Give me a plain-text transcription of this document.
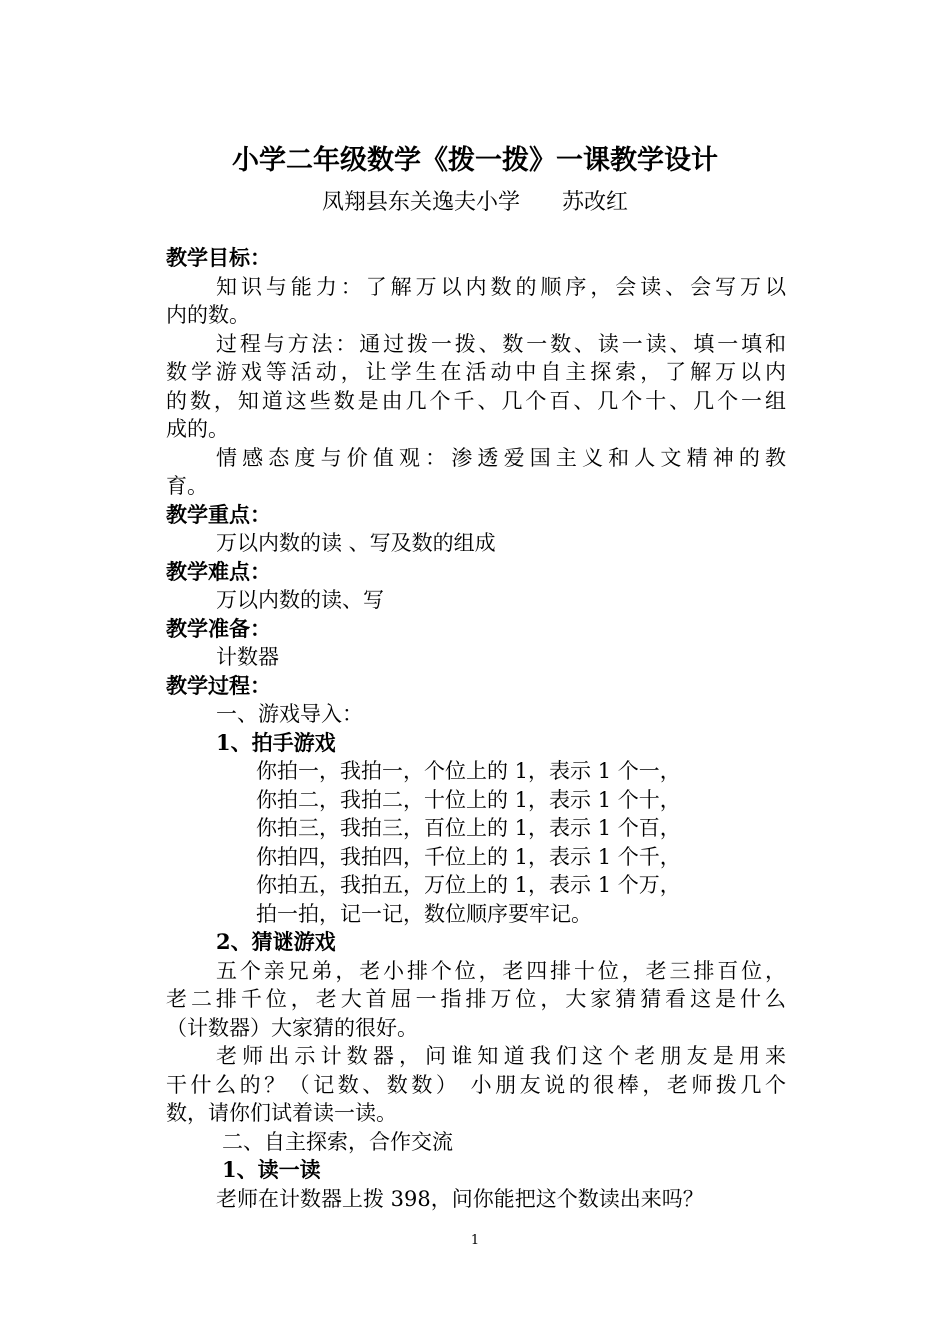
小学二年级数学《拨一拨》一课教学设计
凤翔县东关逸夫小学      苏改红
教学目标：
知识与能力：了解万以内数的顺序，会读、会写万以
内的数。
过程与方法：通过拨一拨、数一数、读一读、填一填和
数学游戏等活动，让学生在活动中自主探索，了解万以内
的数，知道这些数是由几个千、几个百、几个十、几个一组
成的。
情感态度与价值观：渗透爱国主义和人文精神的教
育。
教学重点：
万以内数的读 、写及数的组成
教学难点：
万以内数的读、写
教学准备：
计数器
教学过程：
一、游戏导入：
1、拍手游戏
你拍一，我拍一，个位上的 1，表示 1 个一，
你拍二，我拍二，十位上的 1，表示 1 个十，
你拍三，我拍三，百位上的 1，表示 1 个百，
你拍四，我拍四，千位上的 1，表示 1 个千，
你拍五，我拍五，万位上的 1，表示 1 个万，
拍一拍，记一记，数位顺序要牢记。
2、猜谜游戏
五个亲兄弟，老小排个位，老四排十位，老三排百位，
老二排千位，老大首屈一指排万位，大家猜猜看这是什么
（计数器）大家猜的很好。
老师出示计数器，问谁知道我们这个老朋友是用来
干什么的？（记数、数数） 小朋友说的很棒，老师拨几个
数，请你们试着读一读。
二、自主探索，合作交流
1、读一读
老师在计数器上拨 398，问你能把这个数读出来吗？
1
